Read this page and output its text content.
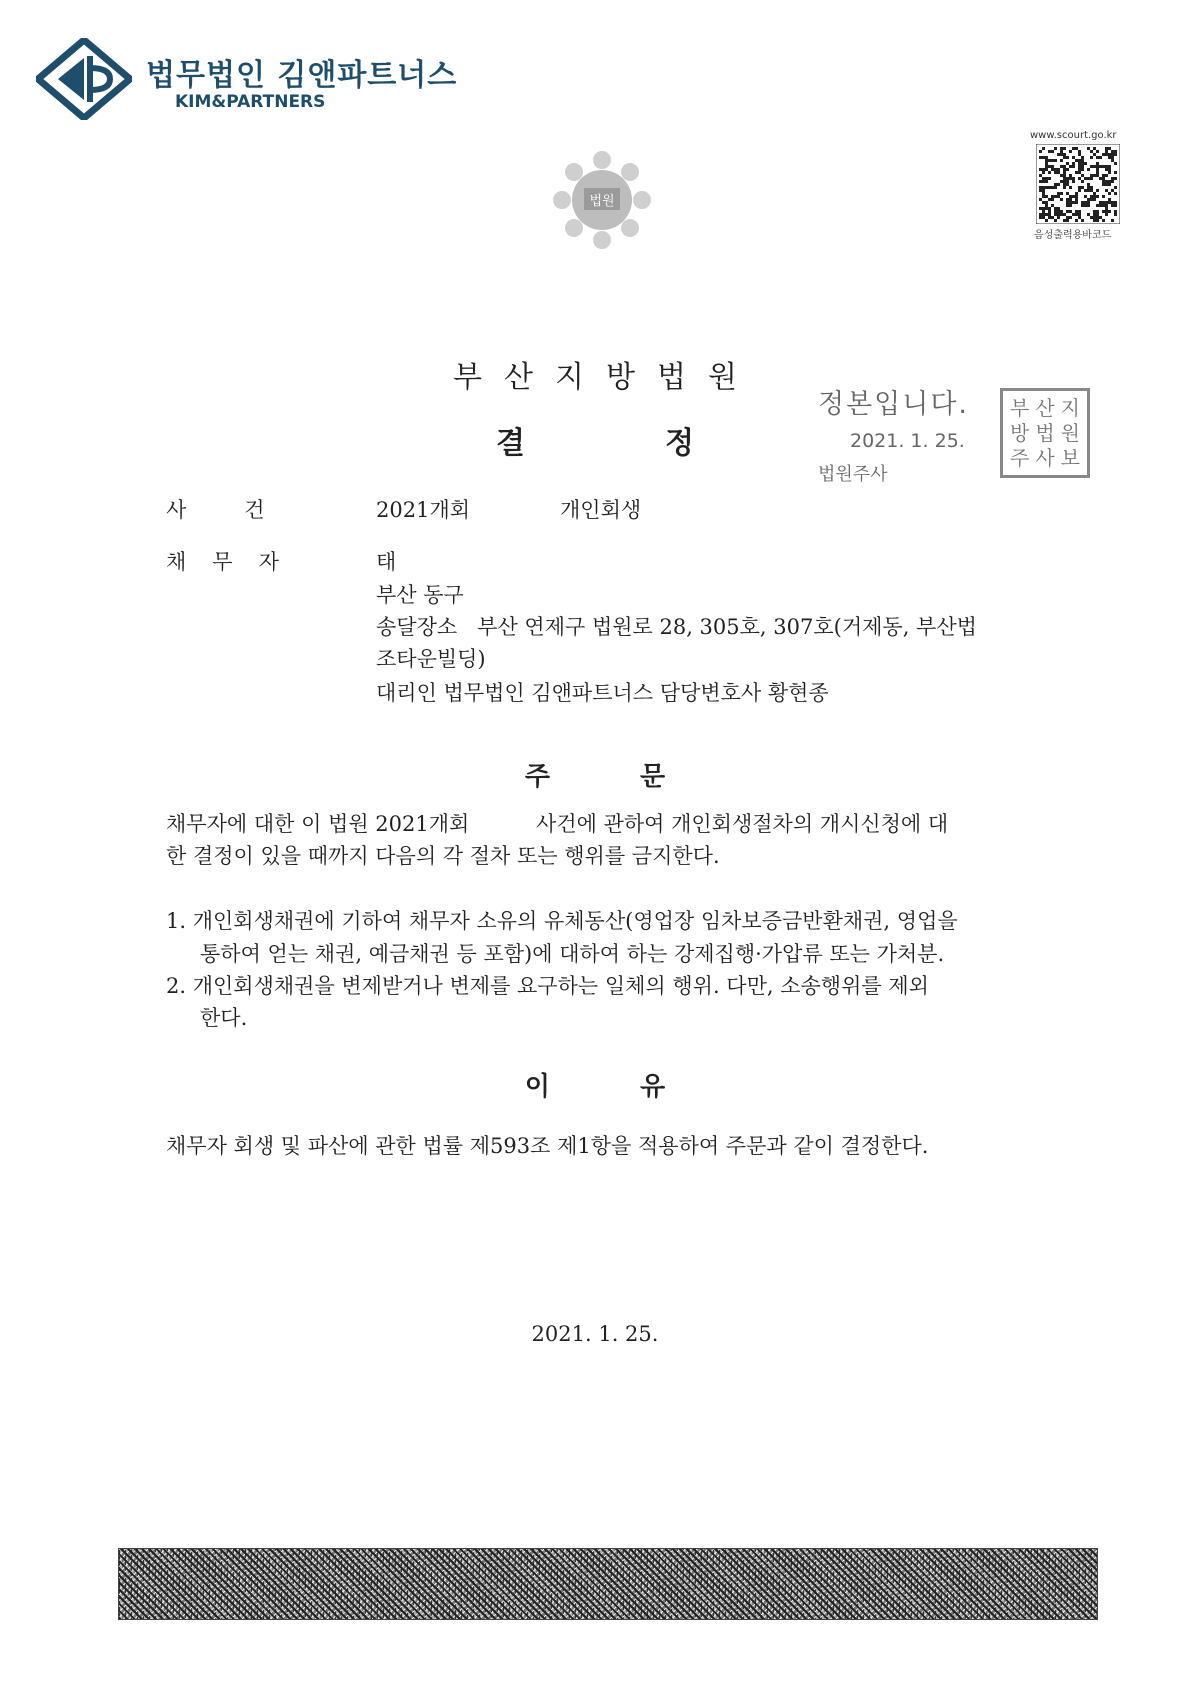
법무법인 김앤파트너스
KIM&PARTNERS
법원
www.scourt.go.kr
음성출력용바코드
부산지방법원
결정
정본입니다.
2021. 1. 25.
법원주사
부 산 지
방 법 원
주 사 보
사건	2021개회	개인회생
채무자	태
부산 동구
송달장소   부산 연제구 법원로 28, 305호, 307호(거제동, 부산법
조타운빌딩)
대리인 법무법인 김앤파트너스 담당변호사 황현종
주문
채무자에 대한 이 법원 2021개회          사건에 관하여 개인회생절차의 개시신청에 대
한 결정이 있을 때까지 다음의 각 절차 또는 행위를 금지한다.
1. 개인회생채권에 기하여 채무자 소유의 유체동산(영업장 임차보증금반환채권, 영업을
통하여 얻는 채권, 예금채권 등 포함)에 대하여 하는 강제집행·가압류 또는 가처분.
2. 개인회생채권을 변제받거나 변제를 요구하는 일체의 행위. 다만, 소송행위를 제외
한다.
이유
채무자 회생 및 파산에 관한 법률 제593조 제1항을 적용하여 주문과 같이 결정한다.
2021. 1. 25.
